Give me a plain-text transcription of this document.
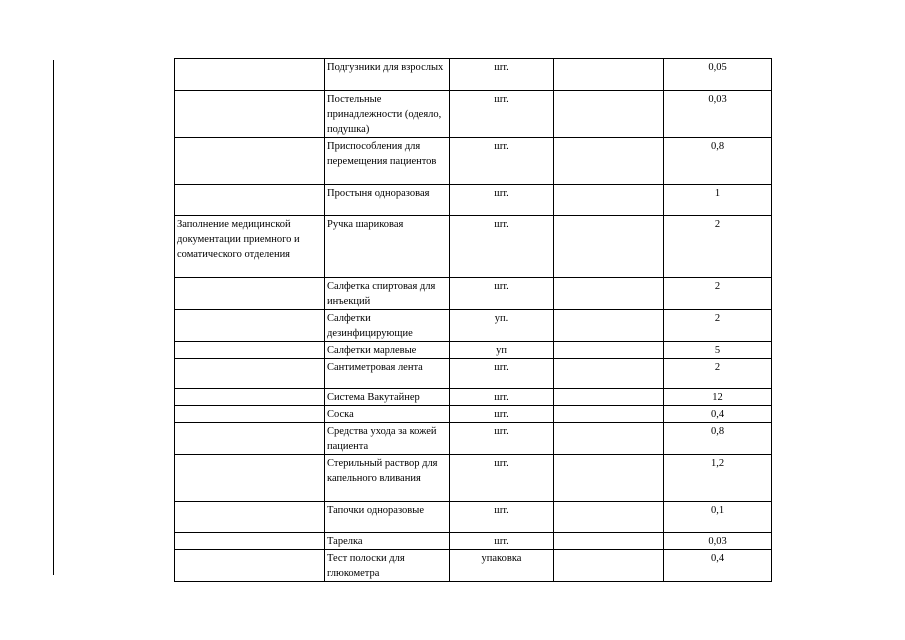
	Подгузники для взрослых	шт.		0,05
	Постельные принадлежности (одеяло, подушка)	шт.		0,03
	Приспособления для перемещения пациентов	шт.		0,8
	Простыня одноразовая	шт.		1
Заполнение медицинской документации приемного и соматического отделения	Ручка шариковая	шт.		2
	Салфетка спиртовая для инъекций	шт.		2
	Салфетки дезинфицирующие	уп.		2
	Салфетки марлевые	уп		5
	Сантиметровая лента	шт.		2
	Система Вакутайнер	шт.		12
	Соска	шт.		0,4
	Средства ухода за кожей пациента	шт.		0,8
	Стерильный раствор для капельного вливания	шт.		1,2
	Тапочки одноразовые	шт.		0,1
	Тарелка	шт.		0,03
	Тест полоски для глюкометра	упаковка		0,4
